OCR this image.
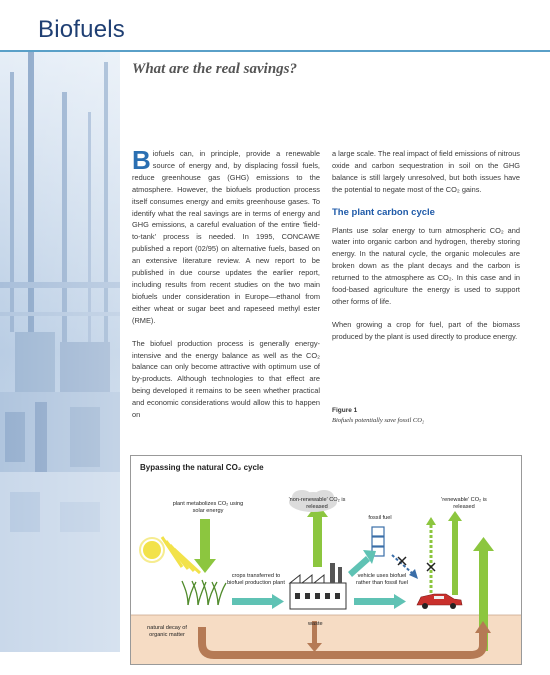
Biofuels
What are the real savings?

Biofuels can, in principle, provide a renewable source of energy and, by displacing fossil fuels, reduce greenhouse gas (GHG) emissions to the atmosphere. However, the biofuels production process itself consumes energy and emits greenhouse gases. To identify what the real savings are in terms of energy and GHG emissions, a careful evaluation of the entire 'field-to-tank' process is needed. In 1995, CONCAWE published a report (02/95) on alternative fuels, based on an extensive literature review. A new report to be published in due course updates the earlier report, including results from recent studies on the two main biofuels under consideration in Europe—ethanol from either wheat or sugar beet and rapeseed methyl ester (RME).

The biofuel production process is generally energy-intensive and the energy balance as well as the CO₂ balance can only become attractive with optimum use of by-products. Although technologies to that effect are being developed it remains to be seen whether practical and economic considerations would allow this to happen on

a large scale. The real impact of field emissions of nitrous oxide and carbon sequestration in soil on the GHG balance is still largely unresolved, but both issues have the potential to negate most of the CO₂ gains.

The plant carbon cycle

Plants use solar energy to turn atmospheric CO₂ and water into organic carbon and hydrogen, thereby storing energy. In the natural cycle, the organic molecules are broken down as the plant decays and the carbon is returned to the atmosphere as CO₂. In this case and in food-based agriculture the energy is used to support other forms of life.

When growing a crop for fuel, part of the biomass produced by the plant is used directly to produce energy.

Figure 1
Biofuels potentially save fossil CO₂
Bypassing the natural CO₂ cycle
plant metabolizes CO₂ using solar energy
'non-renewable' CO₂ is released
fossil fuel
'renewable' CO₂ is released
crops transferred to biofuel production plant
vehicle uses biofuel rather than fossil fuel
natural decay of organic matter
waste
